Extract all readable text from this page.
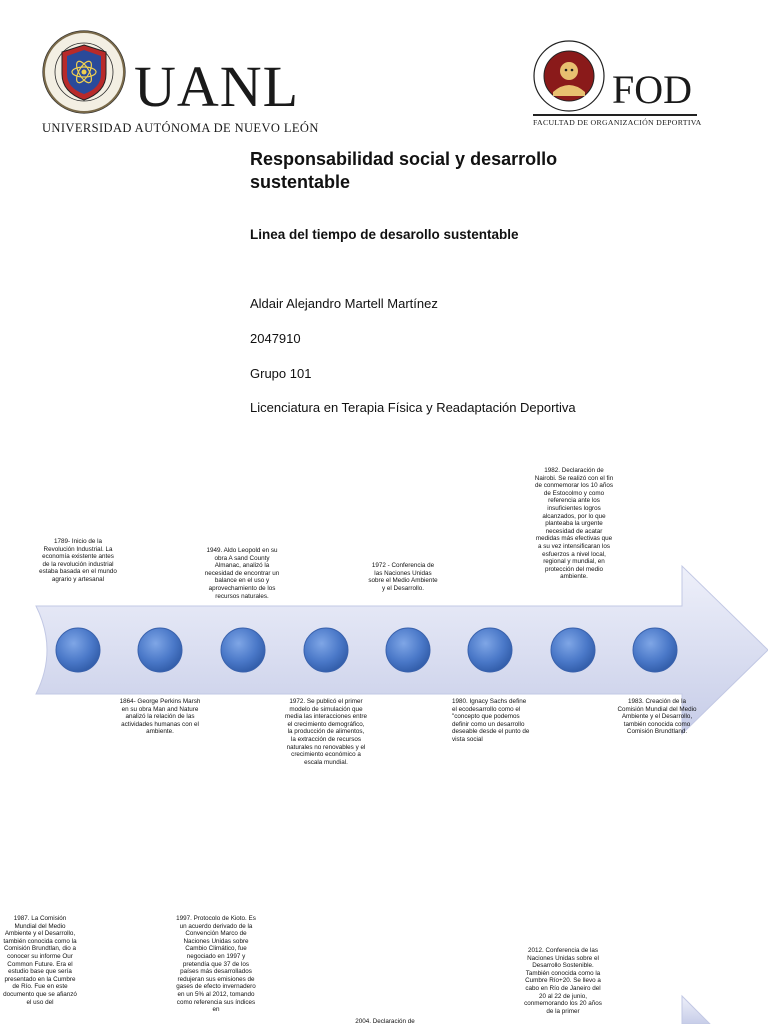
UANL
UNIVERSIDAD AUTÓNOMA DE NUEVO LEÓN
FOD
FACULTAD DE ORGANIZACIÓN DEPORTIVA
Responsabilidad social y desarrollo sustentable
Linea del tiempo de desarollo sustentable
Aldair Alejandro Martell Martínez
2047910
Grupo 101
Licenciatura en Terapia Física y Readaptación Deportiva
1789- Inicio de la Revolución Industrial. La economía existente antes de la revolución industrial estaba basada en el mundo agrario y artesanal
1949. Aldo Leopold en su obra A sand County Almanac, analizó la necesidad de encontrar un balance en el uso y aprovechamiento de los recursos naturales.
1972 - Conferencia de las Naciones Unidas sobre el Medio Ambiente y el Desarrollo.
1982. Declaración de Nairobi. Se realizó con el fin de conmemorar los 10 años de Estocolmo y como referencia ante los insuficientes logros alcanzados, por lo que planteaba la urgente necesidad de acatar medidas más efectivas que a su vez intensificaran los esfuerzos a nivel local, regional y mundial, en protección del medio ambiente.
1864- George Perkins Marsh en su obra Man and Nature analizó la relación de las actividades humanas con el ambiente.
1972. Se publicó el primer modelo de simulación que media las interacciones entre el crecimiento demográfico, la producción de alimentos, la extracción de recursos naturales no renovables y el crecimiento económico a escala mundial.
1980. Ignacy Sachs define el ecodesarrollo como el "concepto que podemos definir como un desarrollo deseable desde el punto de vista social
1983. Creación de la Comisión Mundial del Medio Ambiente y el Desarrollo, también conocida como Comisión Brundtland.
1987. La Comisión Mundial del Medio Ambiente y el Desarrollo, también conocida como la Comisión Brundtlan, dio a conocer su informe Our Common Future. Era el estudio base que sería presentado en la Cumbre de Río. Fue en este documento que se afianzó el uso del
1997. Protocolo de Kioto. Es un acuerdo derivado de la Convención Marco de Naciones Unidas sobre Cambio Climático, fue negociado en 1997 y pretendía que 37 de los países más desarrollados redujeran sus emisiones de gases de efecto invernadero en un 5% al 2012, tomando como referencia sus índices en
2004. Declaración de
2012. Conferencia de las Naciones Unidas sobre el Desarrollo Sostenible. También conocida como la Cumbre Río+20. Se llevo a cabo en Río de Janeiro del 20 al 22 de junio, conmemorando los 20 años de la primer
